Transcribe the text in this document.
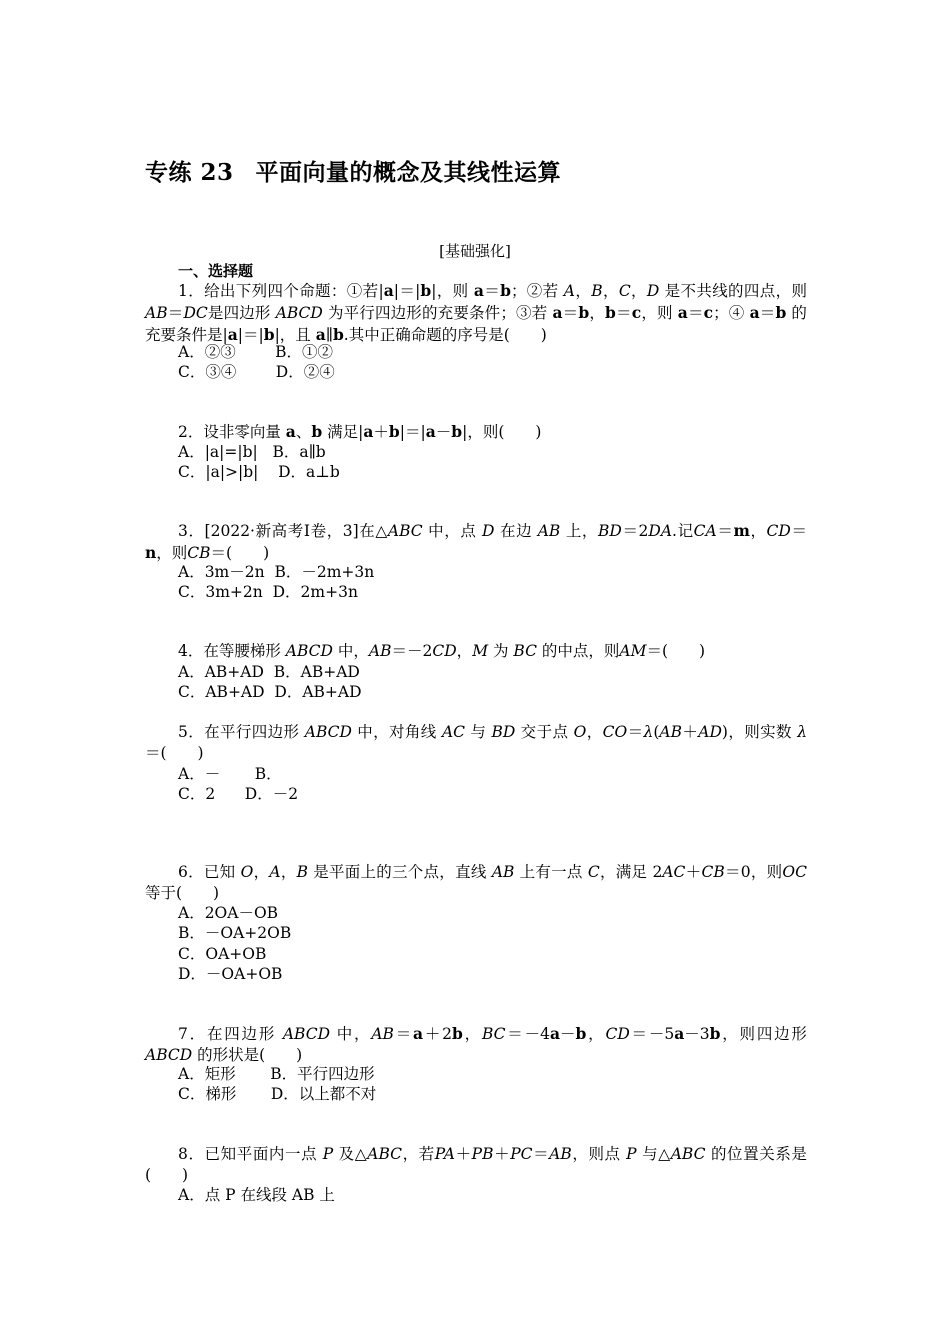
专练 23 平面向量的概念及其线性运算
[基础强化]
一、选择题
1．给出下列四个命题：①若|a|＝|b|，则 a＝b；②若 A，B，C，D 是不共线的四点，则AB＝DC是四边形 ABCD 为平行四边形的充要条件；③若 a＝b，b＝c，则 a＝c；④ a＝b 的充要条件是|a|＝|b|，且 a∥b.其中正确命题的序号是(　　)
A．②③	B．①②
C．③④	D．②④
2．设非零向量 a、b 满足|a＋b|＝|a－b|，则(　　)
A．|a|=|b| B．a∥b
C．|a|>|b| D．a⊥b
3．[2022·新高考Ⅰ卷，3]在△ABC 中，点 D 在边 AB 上，BD＝2DA.记CA＝m，CD＝n，则CB＝(　　)
A．3m－2n B．－2m+3n
C．3m+2n D．2m+3n
4．在等腰梯形 ABCD 中，AB＝－2CD，M 为 BC 的中点，则AM＝(　　)
A．AB+AD B．AB+AD
C．AB+AD D．AB+AD
5．在平行四边形 ABCD 中，对角线 AC 与 BD 交于点 O，CO＝λ(AB＋AD)，则实数 λ＝(　　)
A．－ B．
C．2 D．－2
6．已知 O，A，B 是平面上的三个点，直线 AB 上有一点 C，满足 2AC＋CB＝0，则OC等于(　　)
A．2OA－OB
B．－OA+2OB
C．OA+OB
D．－OA+OB
7．在四边形 ABCD 中，AB＝a＋2b，BC＝－4a－b，CD＝－5a－3b，则四边形 ABCD 的形状是(　　)
A．矩形 B．平行四边形
C．梯形 D．以上都不对
8．已知平面内一点 P 及△ABC，若PA＋PB＋PC＝AB，则点 P 与△ABC 的位置关系是(　　)
A．点 P 在线段 AB 上
